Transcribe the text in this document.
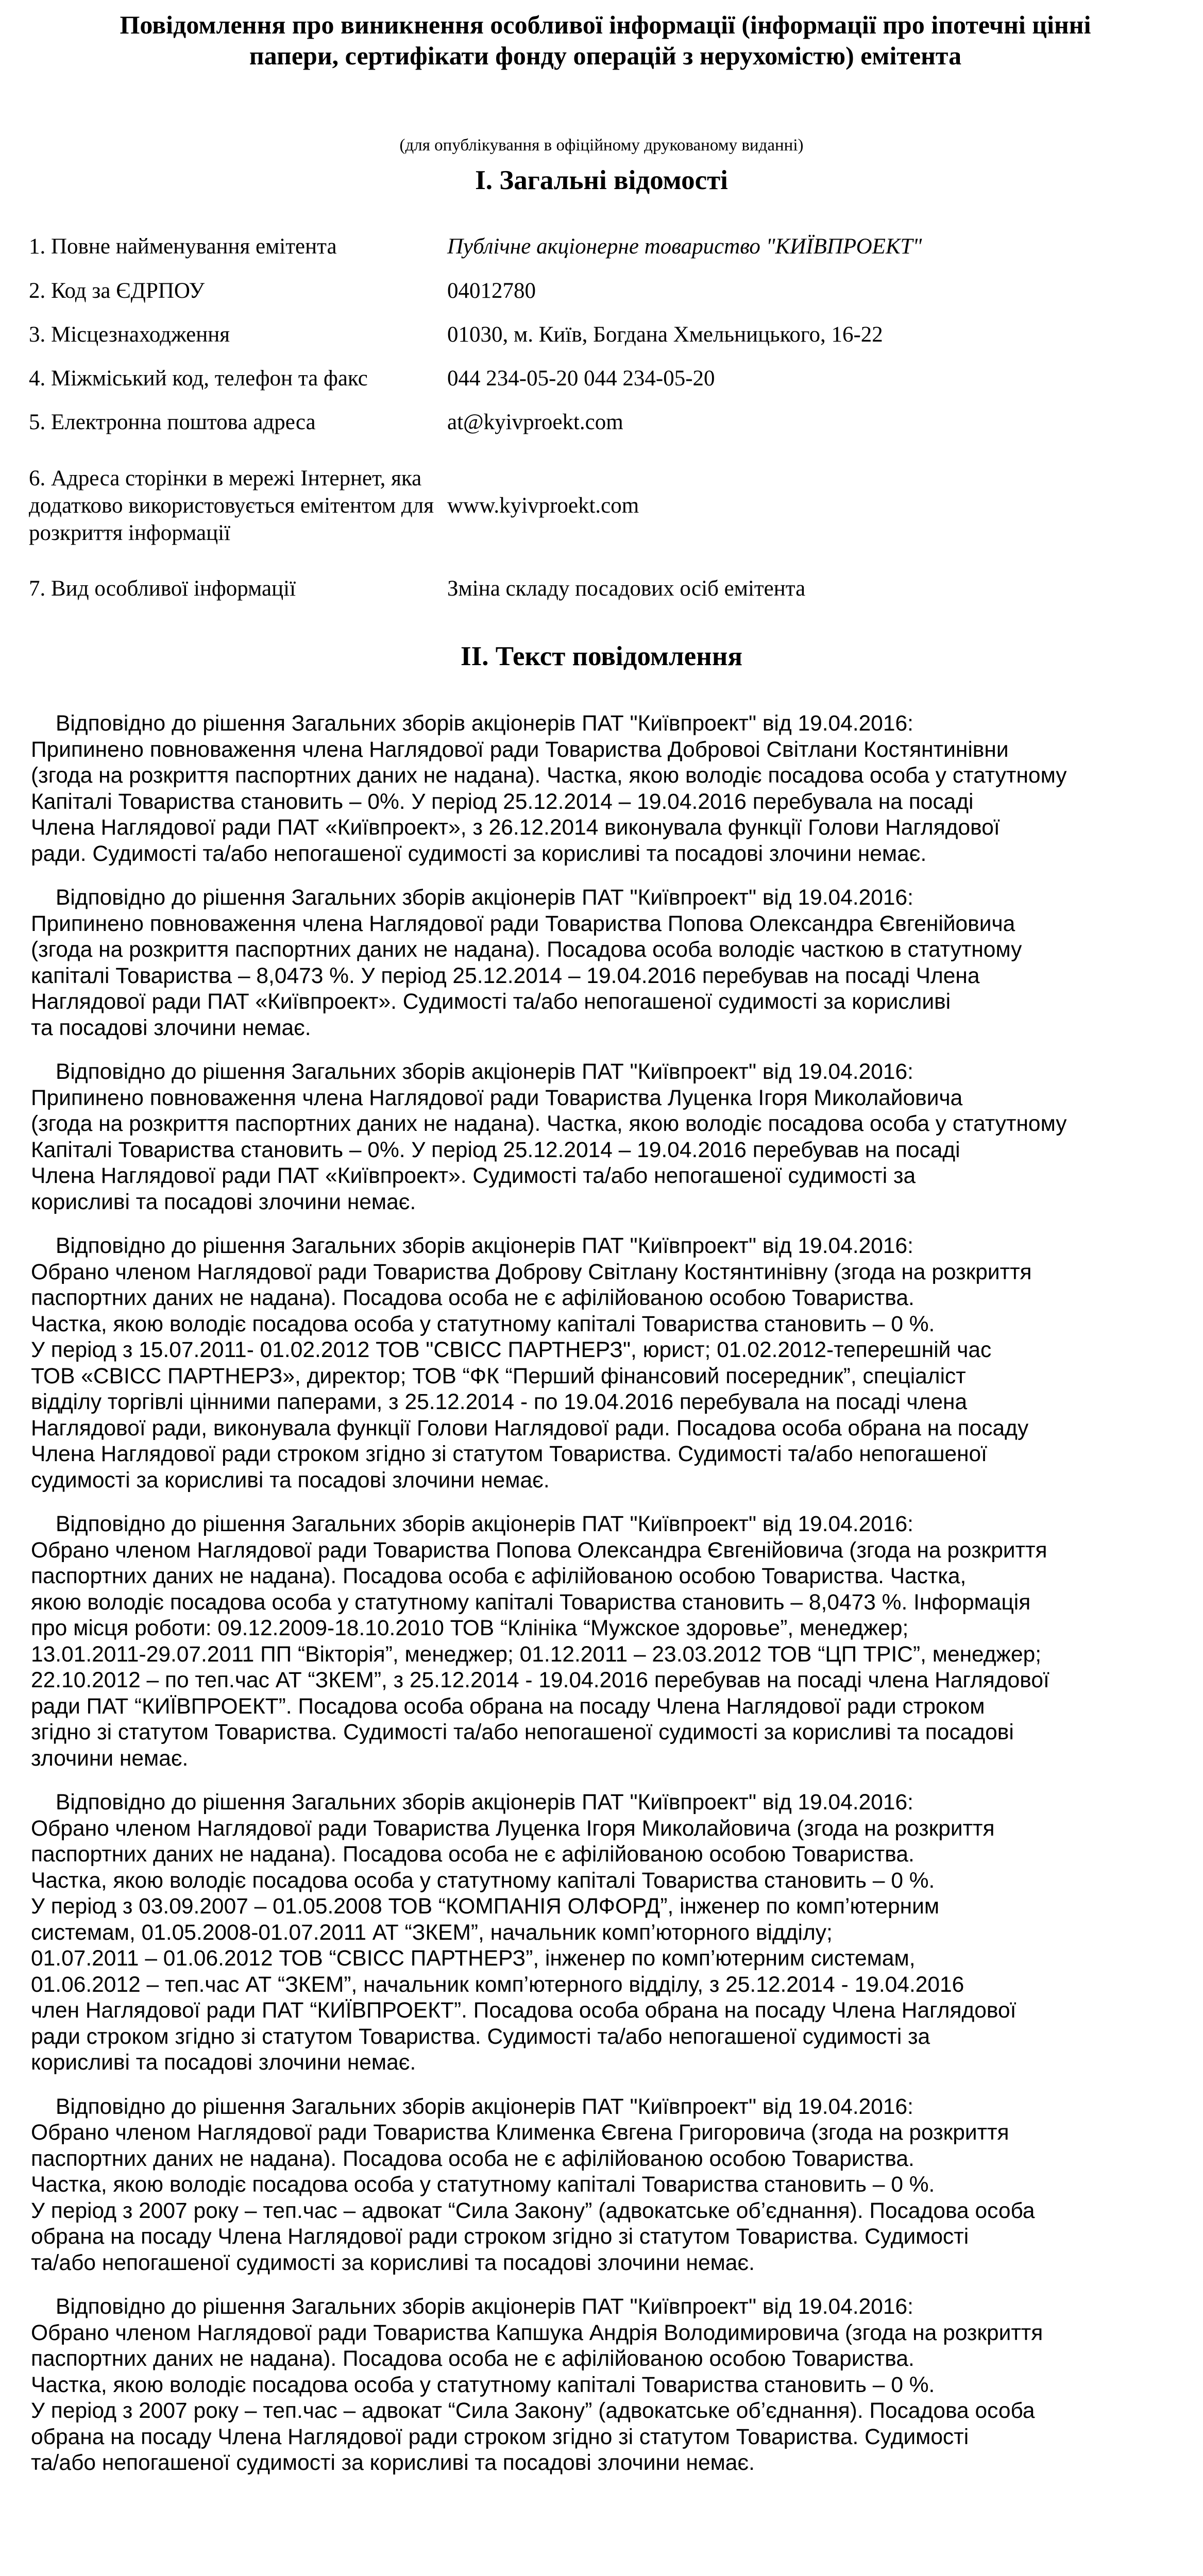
Повідомлення про виникнення особливої інформації (інформації про іпотечні цінні папери, сертифікати фонду операцій з нерухомістю) емітента
(для опублікування в офіційному друкованому виданні)
I. Загальні відомості
1. Повне найменування емітента	Публічне акціонерне товариство "КИЇВПРОЕКТ"
2. Код за ЄДРПОУ	04012780
3. Місцезнаходження	01030, м. Київ, Богдана Хмельницького, 16-22
4. Міжміський код, телефон та факс	044 234-05-20 044 234-05-20
5. Електронна поштова адреса	at@kyivproekt.com
6. Адреса сторінки в мережі Інтернет, яка додатково використовується емітентом для розкриття інформації
www.kyivproekt.com
7. Вид особливої інформації	Зміна складу посадових осіб емітента
II. Текст повідомлення
Відповідно до рішення Загальних зборів акціонерів ПАТ "Київпроект" від 19.04.2016:
Припинено повноваження члена Наглядової ради Товариства Добровоі Світлани Костянтинівни
(згода на розкриття паспортних даних не надана). Частка, якою володіє посадова особа у статутному
Капіталі Товариства становить – 0%. У період 25.12.2014 – 19.04.2016 перебувала на посаді
Члена Наглядової ради ПАТ «Київпроект», з 26.12.2014 виконувала функції Голови Наглядової
ради. Судимості та/або непогашеної судимості за корисливі та посадові злочини немає.
Відповідно до рішення Загальних зборів акціонерів ПАТ "Київпроект" від 19.04.2016:
Припинено повноваження члена Наглядової ради Товариства Попова Олександра Євгенійовича
(згода на розкриття паспортних даних не надана). Посадова особа володіє часткою в статутному
капіталі Товариства – 8,0473 %. У період 25.12.2014 – 19.04.2016 перебував на посаді Члена
Наглядової ради ПАТ «Київпроект». Судимості та/або непогашеної судимості за корисливі
та посадові злочини немає.
Відповідно до рішення Загальних зборів акціонерів ПАТ "Київпроект" від 19.04.2016:
Припинено повноваження члена Наглядової ради Товариства Луценка Ігоря Миколайовича
(згода на розкриття паспортних даних не надана). Частка, якою володіє посадова особа у статутному
Капіталі Товариства становить – 0%. У період 25.12.2014 – 19.04.2016 перебував на посаді
Члена Наглядової ради ПАТ «Київпроект». Судимості та/або непогашеної судимості за
корисливі та посадові злочини немає.
Відповідно до рішення Загальних зборів акціонерів ПАТ "Київпроект" від 19.04.2016:
Обрано членом Наглядової ради Товариства Доброву Світлану Костянтинівну (згода на розкриття
паспортних даних не надана). Посадова особа не є афілійованою особою Товариства.
Частка, якою володіє посадова особа у статутному капіталі Товариства становить – 0 %.
У період з 15.07.2011- 01.02.2012 ТОВ "СВІСС ПАРТНЕРЗ", юрист; 01.02.2012-теперешній час
ТОВ «СВІСС ПАРТНЕРЗ», директор; ТОВ “ФК “Перший фінансовий посередник”, спеціаліст
відділу торгівлі цінними паперами, з 25.12.2014 - по 19.04.2016 перебувала на посаді члена
Наглядової ради, виконувала функції Голови Наглядової ради. Посадова особа обрана на посаду
Члена Наглядової ради строком згідно зі статутом Товариства. Судимості та/або непогашеної
судимості за корисливі та посадові злочини немає.
Відповідно до рішення Загальних зборів акціонерів ПАТ "Київпроект" від 19.04.2016:
Обрано членом Наглядової ради Товариства Попова Олександра Євгенійовича (згода на розкриття
паспортних даних не надана). Посадова особа є афілійованою особою Товариства. Частка,
якою володіє посадова особа у статутному капіталі Товариства становить – 8,0473 %. Інформація
про місця роботи: 09.12.2009-18.10.2010 ТОВ “Клініка “Мужское здоровье”, менеджер;
13.01.2011-29.07.2011 ПП “Вікторія”, менеджер; 01.12.2011 – 23.03.2012 ТОВ “ЦП ТРІС”, менеджер;
22.10.2012 – по теп.час АТ “ЗКЕМ”, з 25.12.2014 - 19.04.2016 перебував на посаді члена Наглядової
ради ПАТ “КИЇВПРОЕКТ”. Посадова особа обрана на посаду Члена Наглядової ради строком
згідно зі статутом Товариства. Судимості та/або непогашеної судимості за корисливі та посадові
злочини немає.
Відповідно до рішення Загальних зборів акціонерів ПАТ "Київпроект" від 19.04.2016:
Обрано членом Наглядової ради Товариства Луценка Ігоря Миколайовича (згода на розкриття
паспортних даних не надана). Посадова особа не є афілійованою особою Товариства.
Частка, якою володіє посадова особа у статутному капіталі Товариства становить – 0 %.
У період з 03.09.2007 – 01.05.2008 ТОВ “КОМПАНІЯ ОЛФОРД”, інженер по комп’ютерним
системам, 01.05.2008-01.07.2011 АТ “ЗКЕМ”, начальник комп’юторного відділу;
01.07.2011 – 01.06.2012 ТОВ “СВІСС ПАРТНЕРЗ”, інженер по комп’ютерним системам,
01.06.2012 – теп.час АТ “ЗКЕМ”, начальник комп’ютерного відділу, з 25.12.2014 - 19.04.2016
член Наглядової ради ПАТ “КИЇВПРОЕКТ”. Посадова особа обрана на посаду Члена Наглядової
ради строком згідно зі статутом Товариства. Судимості та/або непогашеної судимості за
корисливі та посадові злочини немає.
Відповідно до рішення Загальних зборів акціонерів ПАТ "Київпроект" від 19.04.2016:
Обрано членом Наглядової ради Товариства Клименка Євгена Григоровича (згода на розкриття
паспортних даних не надана). Посадова особа не є афілійованою особою Товариства.
Частка, якою володіє посадова особа у статутному капіталі Товариства становить – 0 %.
У період з 2007 року – теп.час – адвокат “Сила Закону” (адвокатське об’єднання). Посадова особа
обрана на посаду Члена Наглядової ради строком згідно зі статутом Товариства. Судимості
та/або непогашеної судимості за корисливі та посадові злочини немає.
Відповідно до рішення Загальних зборів акціонерів ПАТ "Київпроект" від 19.04.2016:
Обрано членом Наглядової ради Товариства Капшука Андрія Володимировича (згода на розкриття
паспортних даних не надана). Посадова особа не є афілійованою особою Товариства.
Частка, якою володіє посадова особа у статутному капіталі Товариства становить – 0 %.
У період з 2007 року – теп.час – адвокат “Сила Закону” (адвокатське об’єднання). Посадова особа
обрана на посаду Члена Наглядової ради строком згідно зі статутом Товариства. Судимості
та/або непогашеної судимості за корисливі та посадові злочини немає.
